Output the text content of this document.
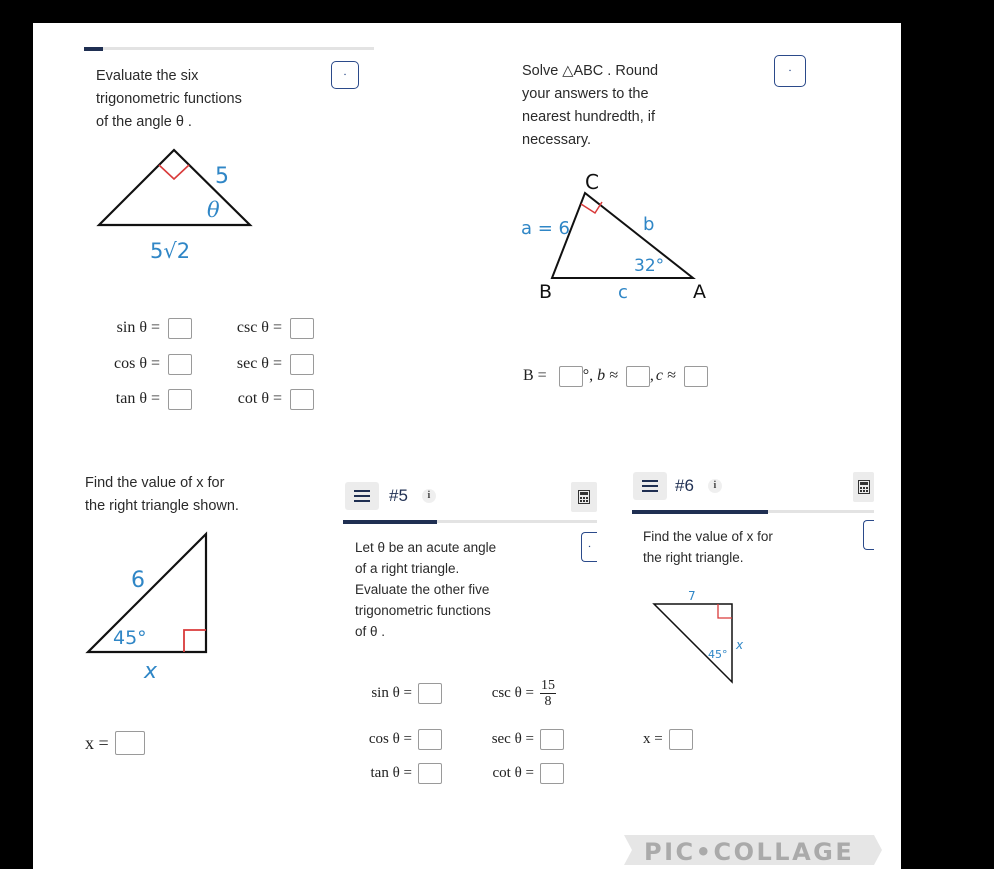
Evaluate the six
trigonometric functions
of the angle θ .
▪
5
θ
5√2
sin θ =	csc θ =
cos θ =	sec θ =
tan θ =	cot θ =
Solve △ABC . Round
your answers to the
nearest hundredth, if
necessary.
▪
C
B	A
a = 6	b
c
32°
B = °, b ≈ , c ≈
Find the value of x for
the right triangle shown.
6
45°
x
x =
#5	i
Let θ be an acute angle
of a right triangle.
Evaluate the other five
trigonometric functions
of θ .
▪
sin θ =	$\csc \theta = \frac{15}{8}$
cos θ =	sec θ =
tan θ =	cot θ =
#6	i
Find the value of x for
the right triangle.
7
x
45°
x =
PIC•COLLAGE
